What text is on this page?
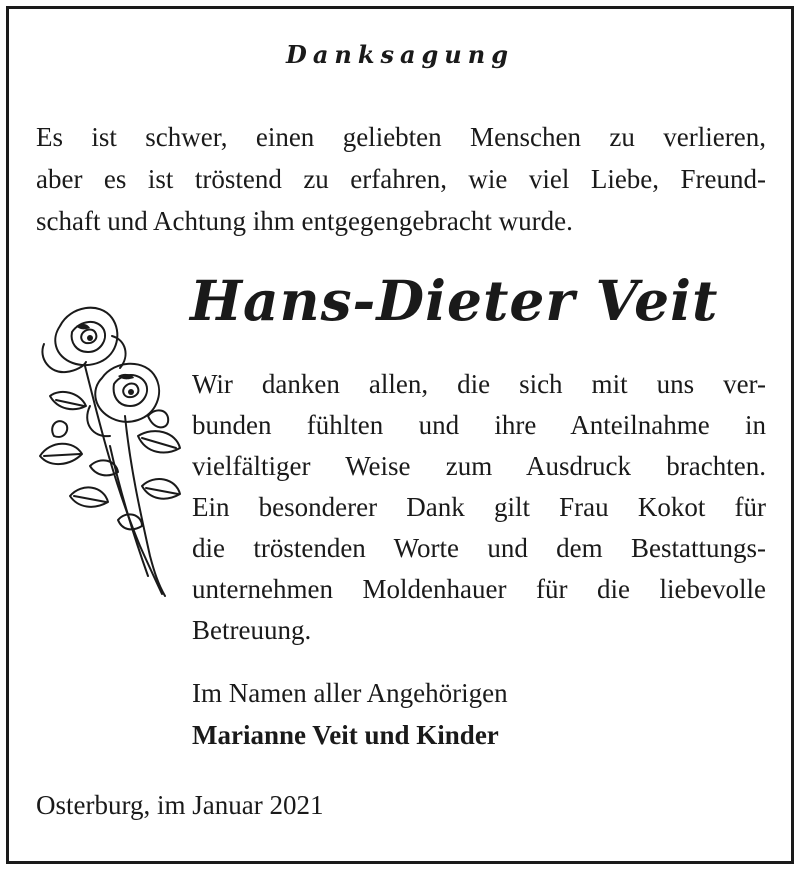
Danksagung
Es ist schwer, einen geliebten Menschen zu verlieren,
aber es ist tröstend zu erfahren, wie viel Liebe, Freund-
schaft und Achtung ihm entgegengebracht wurde.
Hans-Dieter Veit
Wir danken allen, die sich mit uns ver-
bunden fühlten und ihre Anteilnahme in
vielfältiger Weise zum Ausdruck brachten.
Ein besonderer Dank gilt Frau Kokot für
die tröstenden Worte und dem Bestattungs-
unternehmen Moldenhauer für die liebevolle
Betreuung.
Im Namen aller Angehörigen
Marianne Veit und Kinder
Osterburg, im Januar 2021
